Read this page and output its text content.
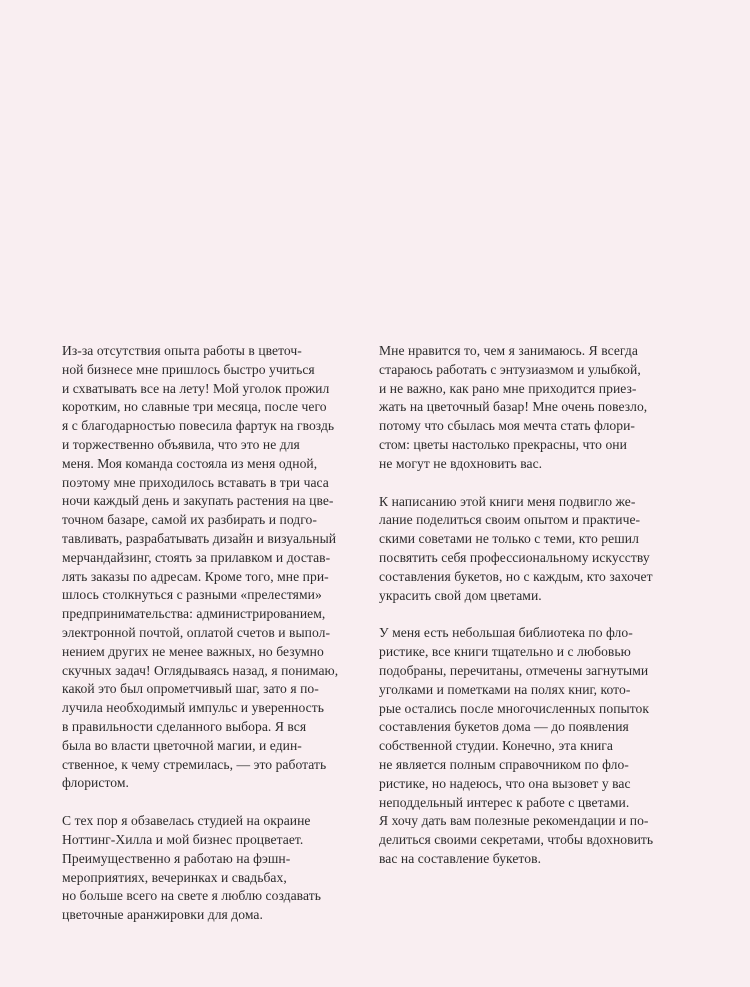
Из-за отсутствия опыта работы в цветоч-
ной бизнесе мне пришлось быстро учиться
и схватывать все на лету! Мой уголок прожил
коротким, но славные три месяца, после чего
я с благодарностью повесила фартук на гвоздь
и торжественно объявила, что это не для
меня. Моя команда состояла из меня одной,
поэтому мне приходилось вставать в три часа
ночи каждый день и закупать растения на цве-
точном базаре, самой их разбирать и подго-
тавливать, разрабатывать дизайн и визуальный
мерчандайзинг, стоять за прилавком и достав-
лять заказы по адресам. Кроме того, мне при-
шлось столкнуться с разными «прелестями»
предпринимательства: администрированием,
электронной почтой, оплатой счетов и выпол-
нением других не менее важных, но безумно
скучных задач! Оглядываясь назад, я понимаю,
какой это был опрометчивый шаг, зато я по-
лучила необходимый импульс и уверенность
в правильности сделанного выбора. Я вся
была во власти цветочной магии, и един-
ственное, к чему стремилась, — это работать
флористом.
С тех пор я обзавелась студией на окраине
Ноттинг-Хилла и мой бизнес процветает.
Преимущественно я работаю на фэшн-
мероприятиях, вечеринках и свадьбах,
но больше всего на свете я люблю создавать
цветочные аранжировки для дома.
Мне нравится то, чем я занимаюсь. Я всегда
стараюсь работать с энтузиазмом и улыбкой,
и не важно, как рано мне приходится приез-
жать на цветочный базар! Мне очень повезло,
потому что сбылась моя мечта стать флори-
стом: цветы настолько прекрасны, что они
не могут не вдохновить вас.
К написанию этой книги меня подвигло же-
лание поделиться своим опытом и практиче-
скими советами не только с теми, кто решил
посвятить себя профессиональному искусству
составления букетов, но с каждым, кто захочет
украсить свой дом цветами.
У меня есть небольшая библиотека по фло-
ристике, все книги тщательно и с любовью
подобраны, перечитаны, отмечены загнутыми
уголками и пометками на полях книг, кото-
рые остались после многочисленных попыток
составления букетов дома — до появления
собственной студии. Конечно, эта книга
не является полным справочником по фло-
ристике, но надеюсь, что она вызовет у вас
неподдельный интерес к работе с цветами.
Я хочу дать вам полезные рекомендации и по-
делиться своими секретами, чтобы вдохновить
вас на составление букетов.
